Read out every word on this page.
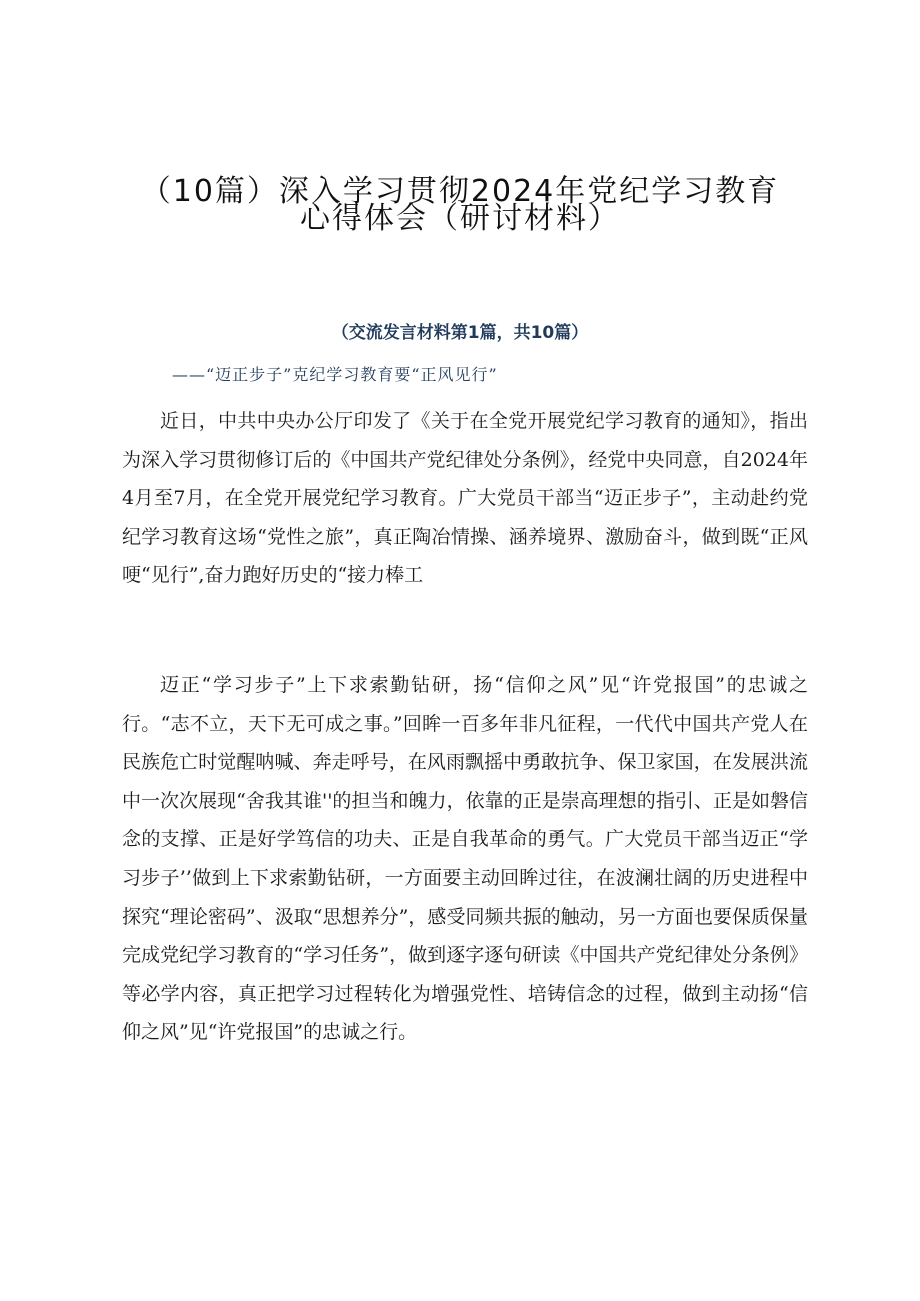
（10篇）深入学习贯彻2024年党纪学习教育
心得体会（研讨材料）

（交流发言材料第1篇，共10篇）

——“迈正步子”克纪学习教育要“正风见行”

近日，中共中央办公厅印发了《关于在全党开展党纪学习教育的通知》，指出为深入学习贯彻修订后的《中国共产党纪律处分条例》，经党中央同意，自2024年4月至7月，在全党开展党纪学习教育。广大党员干部当“迈正步子”，主动赴约党纪学习教育这场“党性之旅”，真正陶冶情操、涵养境界、激励奋斗，做到既“正风哽“见行”,奋力跑好历史的“接力棒工

迈正“学习步子”上下求索勤钻研，扬“信仰之风”见“许党报国”的忠诚之行。“志不立，天下无可成之事。”回眸一百多年非凡征程，一代代中国共产党人在民族危亡时觉醒呐喊、奔走呼号，在风雨飘摇中勇敢抗争、保卫家国，在发展洪流中一次次展现“舍我其谁''的担当和魄力，依靠的正是崇高理想的指引、正是如磐信念的支撑、正是好学笃信的功夫、正是自我革命的勇气。广大党员干部当迈正“学习步子’’做到上下求索勤钻研，一方面要主动回眸过往，在波澜壮阔的历史进程中探究“理论密码”、汲取“思想养分”，感受同频共振的触动，另一方面也要保质保量完成党纪学习教育的“学习任务”，做到逐字逐句研读《中国共产党纪律处分条例》等必学内容，真正把学习过程转化为增强党性、培铸信念的过程，做到主动扬“信仰之风”见“许党报国”的忠诚之行。
